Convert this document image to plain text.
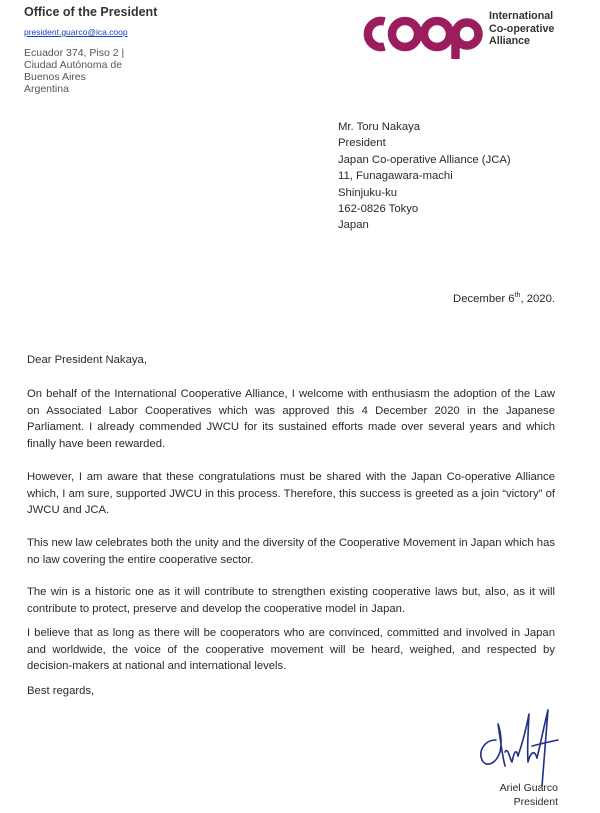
Office of the President
president.guarco@ica.coop
Ecuador 374, Piso 2 |
Ciudad Autónoma de
Buenos Aires
Argentina
International
Co-operative
Alliance
Mr. Toru Nakaya
President
Japan Co-operative Alliance (JCA)
11, Funagawara-machi
Shinjuku-ku
162-0826 Tokyo
Japan
December 6th, 2020.
Dear President Nakaya,

On behalf of the International Cooperative Alliance, I welcome with enthusiasm the adoption of the Law on Associated Labor Cooperatives which was approved this 4 December 2020 in the Japanese Parliament. I already commended JWCU for its sustained efforts made over several years and which finally have been rewarded.

However, I am aware that these congratulations must be shared with the Japan Co-operative Alliance which, I am sure, supported JWCU in this process. Therefore, this success is greeted as a join “victory” of JWCU and JCA.

This new law celebrates both the unity and the diversity of the Cooperative Movement in Japan which has no law covering the entire cooperative sector.

The win is a historic one as it will contribute to strengthen existing cooperative laws but, also, as it will contribute to protect, preserve and develop the cooperative model in Japan.

I believe that as long as there will be cooperators who are convinced, committed and involved in Japan and worldwide, the voice of the cooperative movement will be heard, weighed, and respected by decision-makers at national and international levels.

Best regards,
Ariel Guarco
President
